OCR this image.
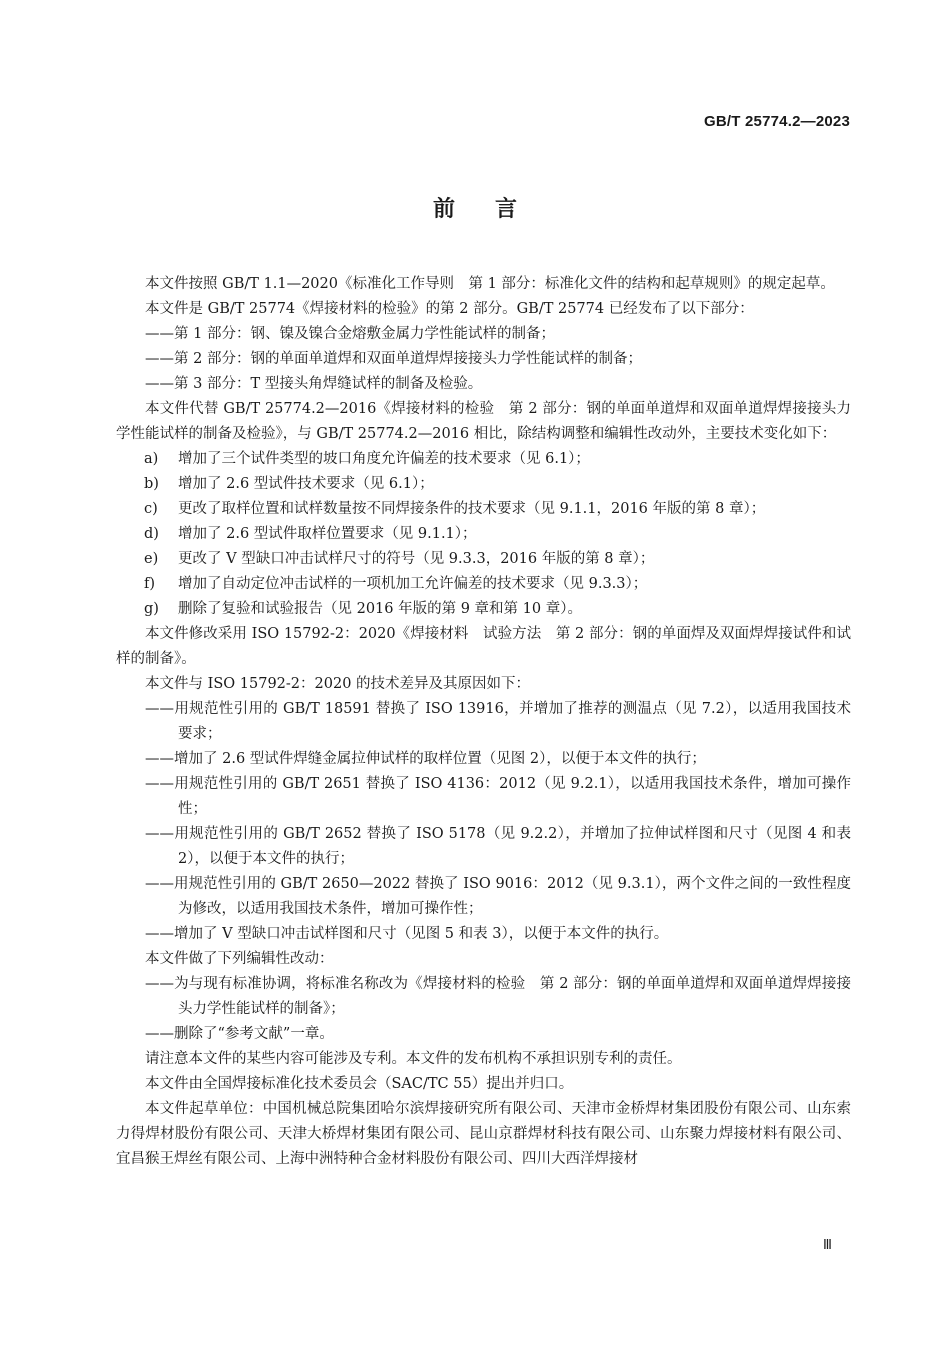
GB/T 25774.2—2023
前言

本文件按照 GB/T 1.1—2020《标准化工作导则　第 1 部分：标准化文件的结构和起草规则》的规定起草。

本文件是 GB/T 25774《焊接材料的检验》的第 2 部分。GB/T 25774 已经发布了以下部分：

——第 1 部分：钢、镍及镍合金熔敷金属力学性能试样的制备；

——第 2 部分：钢的单面单道焊和双面单道焊焊接接头力学性能试样的制备；

——第 3 部分：T 型接头角焊缝试样的制备及检验。

本文件代替 GB/T 25774.2—2016《焊接材料的检验　第 2 部分：钢的单面单道焊和双面单道焊焊接接头力学性能试样的制备及检验》，与 GB/T 25774.2—2016 相比，除结构调整和编辑性改动外，主要技术变化如下：

a) 增加了三个试件类型的坡口角度允许偏差的技术要求（见 6.1）；

b) 增加了 2.6 型试件技术要求（见 6.1）；

c) 更改了取样位置和试样数量按不同焊接条件的技术要求（见 9.1.1，2016 年版的第 8 章）；

d) 增加了 2.6 型试件取样位置要求（见 9.1.1）；

e) 更改了 V 型缺口冲击试样尺寸的符号（见 9.3.3，2016 年版的第 8 章）；

f) 增加了自动定位冲击试样的一项机加工允许偏差的技术要求（见 9.3.3）；

g) 删除了复验和试验报告（见 2016 年版的第 9 章和第 10 章）。

本文件修改采用 ISO 15792-2：2020《焊接材料　试验方法　第 2 部分：钢的单面焊及双面焊焊接试件和试样的制备》。

本文件与 ISO 15792-2：2020 的技术差异及其原因如下：

——用规范性引用的 GB/T 18591 替换了 ISO 13916，并增加了推荐的测温点（见 7.2），以适用我国技术要求；

——增加了 2.6 型试件焊缝金属拉伸试样的取样位置（见图 2），以便于本文件的执行；

——用规范性引用的 GB/T 2651 替换了 ISO 4136：2012（见 9.2.1），以适用我国技术条件，增加可操作性；

——用规范性引用的 GB/T 2652 替换了 ISO 5178（见 9.2.2），并增加了拉伸试样图和尺寸（见图 4 和表 2），以便于本文件的执行；

——用规范性引用的 GB/T 2650—2022 替换了 ISO 9016：2012（见 9.3.1），两个文件之间的一致性程度为修改，以适用我国技术条件，增加可操作性；

——增加了 V 型缺口冲击试样图和尺寸（见图 5 和表 3），以便于本文件的执行。

本文件做了下列编辑性改动：

——为与现有标准协调，将标准名称改为《焊接材料的检验　第 2 部分：钢的单面单道焊和双面单道焊焊接接头力学性能试样的制备》；

——删除了“参考文献”一章。

请注意本文件的某些内容可能涉及专利。本文件的发布机构不承担识别专利的责任。

本文件由全国焊接标准化技术委员会（SAC/TC 55）提出并归口。

本文件起草单位：中国机械总院集团哈尔滨焊接研究所有限公司、天津市金桥焊材集团股份有限公司、山东索力得焊材股份有限公司、天津大桥焊材集团有限公司、昆山京群焊材科技有限公司、山东聚力焊接材料有限公司、宜昌猴王焊丝有限公司、上海中洲特种合金材料股份有限公司、四川大西洋焊接材

Ⅲ
